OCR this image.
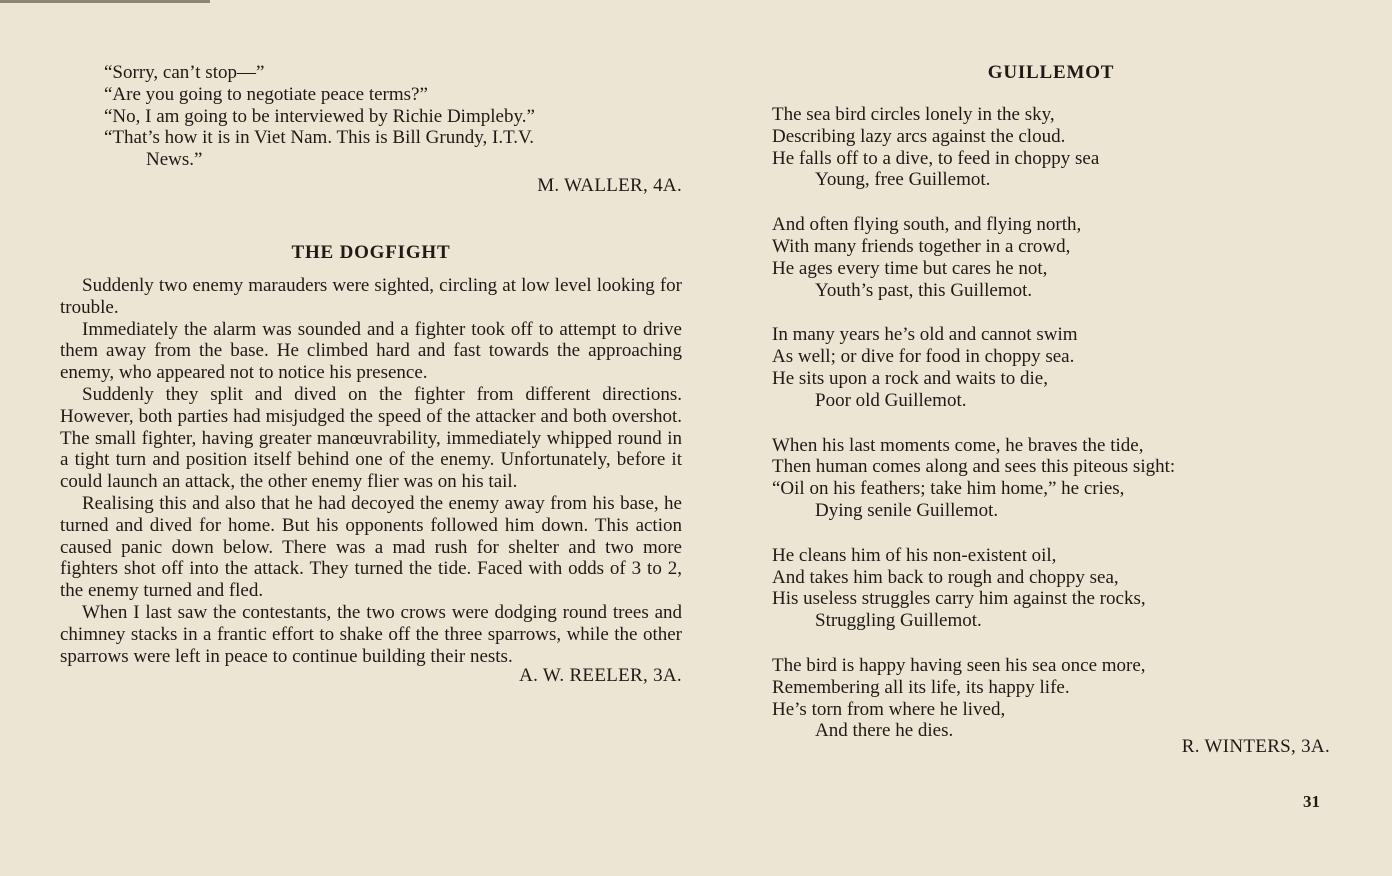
“Sorry, can’t stop—”

“Are you going to negotiate peace terms?”

“No, I am going to be interviewed by Richie Dimpleby.”

“That’s how it is in Viet Nam. This is Bill Grundy, I.T.V.

News.”

M. WALLER, 4A.

THE DOGFIGHT

Suddenly two enemy marauders were sighted, circling at low level looking for trouble.

Immediately the alarm was sounded and a fighter took off to attempt to drive them away from the base. He climbed hard and fast towards the approaching enemy, who appeared not to notice his presence.

Suddenly they split and dived on the fighter from different directions. However, both parties had misjudged the speed of the attacker and both overshot. The small fighter, having greater manœuvrability, immediately whipped round in a tight turn and position itself behind one of the enemy. Unfortunately, before it could launch an attack, the other enemy flier was on his tail.

Realising this and also that he had decoyed the enemy away from his base, he turned and dived for home. But his opponents followed him down. This action caused panic down below. There was a mad rush for shelter and two more fighters shot off into the attack. They turned the tide. Faced with odds of 3 to 2, the enemy turned and fled.

When I last saw the contestants, the two crows were dodging round trees and chimney stacks in a frantic effort to shake off the three sparrows, while the other sparrows were left in peace to continue building their nests.

A. W. REELER, 3A.

GUILLEMOT
The sea bird circles lonely in the sky,
Describing lazy arcs against the cloud.
He falls off to a dive, to feed in choppy sea
Young, free Guillemot.
And often flying south, and flying north,
With many friends together in a crowd,
He ages every time but cares he not,
Youth’s past, this Guillemot.
In many years he’s old and cannot swim
As well; or dive for food in choppy sea.
He sits upon a rock and waits to die,
Poor old Guillemot.
When his last moments come, he braves the tide,
Then human comes along and sees this piteous sight:
“Oil on his feathers; take him home,” he cries,
Dying senile Guillemot.
He cleans him of his non-existent oil,
And takes him back to rough and choppy sea,
His useless struggles carry him against the rocks,
Struggling Guillemot.
The bird is happy having seen his sea once more,
Remembering all its life, its happy life.
He’s torn from where he lived,
And there he dies.

R. WINTERS, 3A.

31
